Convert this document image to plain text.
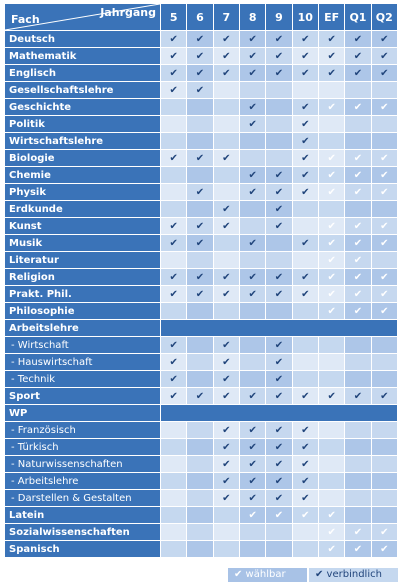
Fach
Jahrgang	5	6	7	8	9	10	EF	Q1	Q2
Deutsch	✔	✔	✔	✔	✔	✔	✔	✔	✔
Mathematik	✔	✔	✔	✔	✔	✔	✔	✔	✔
Englisch	✔	✔	✔	✔	✔	✔	✔	✔	✔
Gesellschaftslehre	✔	✔							
Geschichte				✔		✔	✔	✔	✔
Politik				✔		✔			
Wirtschaftslehre						✔			
Biologie	✔	✔	✔			✔	✔	✔	✔
Chemie				✔	✔	✔	✔	✔	✔
Physik		✔		✔	✔	✔	✔	✔	✔
Erdkunde			✔		✔				
Kunst	✔	✔	✔		✔		✔	✔	✔
Musik	✔	✔		✔		✔	✔	✔	✔
Literatur							✔	✔	
Religion	✔	✔	✔	✔	✔	✔	✔	✔	✔
Prakt. Phil.	✔	✔	✔	✔	✔	✔	✔	✔	✔
Philosophie							✔	✔	✔
Arbeitslehre									
- Wirtschaft	✔		✔		✔				
- Hauswirtschaft	✔		✔		✔				
- Technik	✔		✔		✔				
Sport	✔	✔	✔	✔	✔	✔	✔	✔	✔
WP									
- Französisch			✔	✔	✔	✔			
- Türkisch			✔	✔	✔	✔			
- Naturwissenschaften			✔	✔	✔	✔			
- Arbeitslehre			✔	✔	✔	✔			
- Darstellen & Gestalten			✔	✔	✔	✔			
Latein				✔	✔	✔	✔		
Sozialwissenschaften							✔	✔	✔
Spanisch							✔	✔	✔
✔ wählbar	✔ verbindlich
